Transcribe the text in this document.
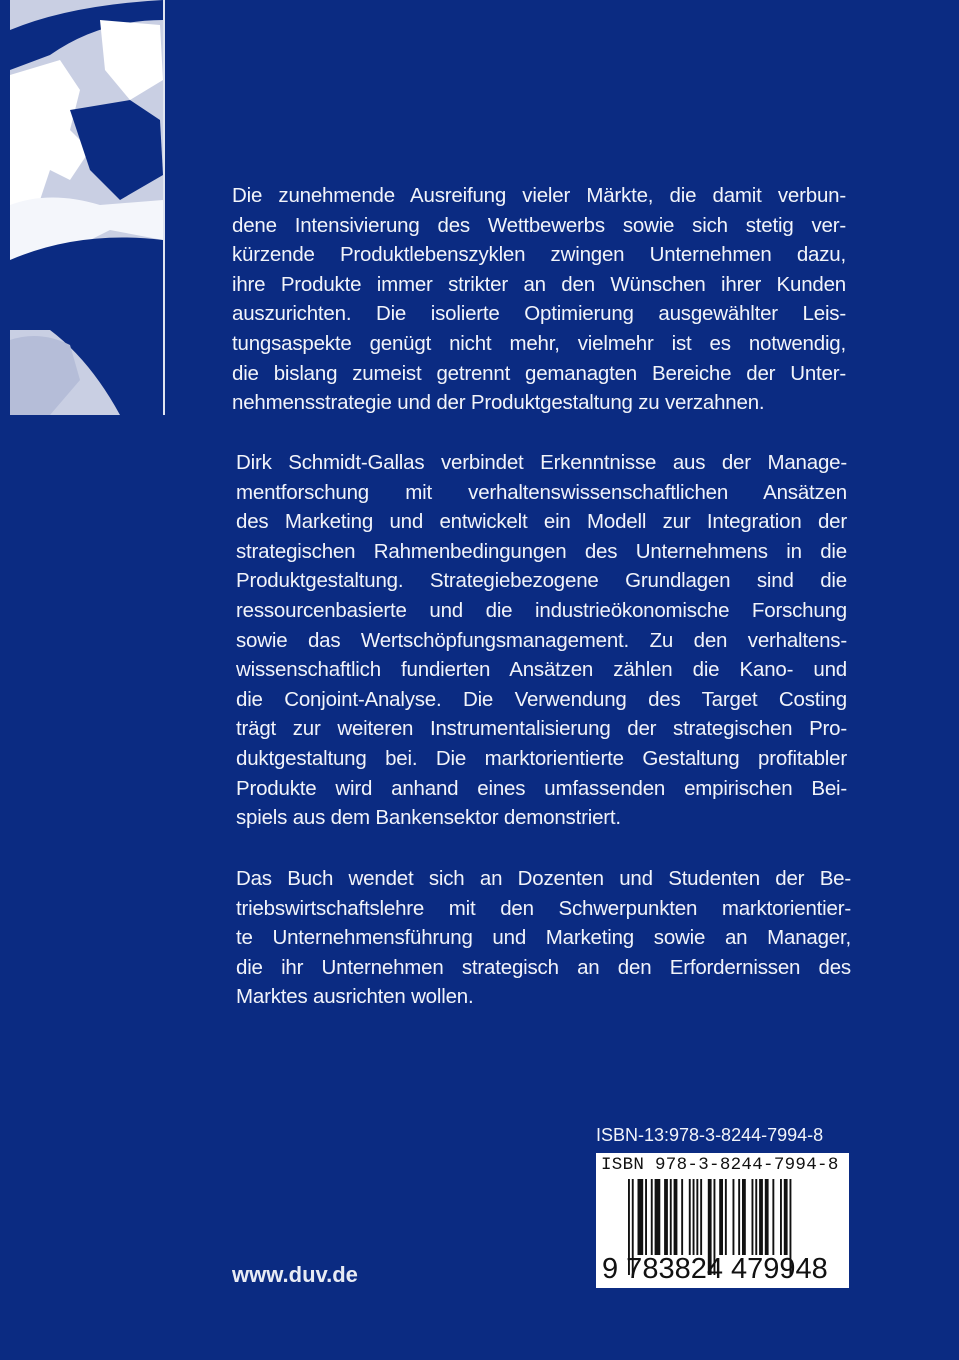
Die zunehmende Ausreifung vieler Märkte, die damit verbun-
dene Intensivierung des Wettbewerbs sowie sich stetig ver-
kürzende Produktlebenszyklen zwingen Unternehmen dazu,
ihre Produkte immer strikter an den Wünschen ihrer Kunden
auszurichten. Die isolierte Optimierung ausgewählter Leis-
tungsaspekte genügt nicht mehr, vielmehr ist es notwendig,
die bislang zumeist getrennt gemanagten Bereiche der Unter-
nehmensstrategie und der Produktgestaltung zu verzahnen.
Dirk Schmidt-Gallas verbindet Erkenntnisse aus der Manage-
mentforschung mit verhaltenswissenschaftlichen Ansätzen
des Marketing und entwickelt ein Modell zur Integration der
strategischen Rahmenbedingungen des Unternehmens in die
Produktgestaltung. Strategiebezogene Grundlagen sind die
ressourcenbasierte und die industrieökonomische Forschung
sowie das Wertschöpfungsmanagement. Zu den verhaltens-
wissenschaftlich fundierten Ansätzen zählen die Kano- und
die Conjoint-Analyse. Die Verwendung des Target Costing
trägt zur weiteren Instrumentalisierung der strategischen Pro-
duktgestaltung bei. Die marktorientierte Gestaltung profitabler
Produkte wird anhand eines umfassenden empirischen Bei-
spiels aus dem Bankensektor demonstriert.
Das Buch wendet sich an Dozenten und Studenten der Be-
triebswirtschaftslehre mit den Schwerpunkten marktorientier-
te Unternehmensführung und Marketing sowie an Manager,
die ihr Unternehmen strategisch an den Erfordernissen des
Marktes ausrichten wollen.
ISBN-13:978-3-8244-7994-8
ISBN 978-3-8244-7994-8
9 783824 479948
www.duv.de
